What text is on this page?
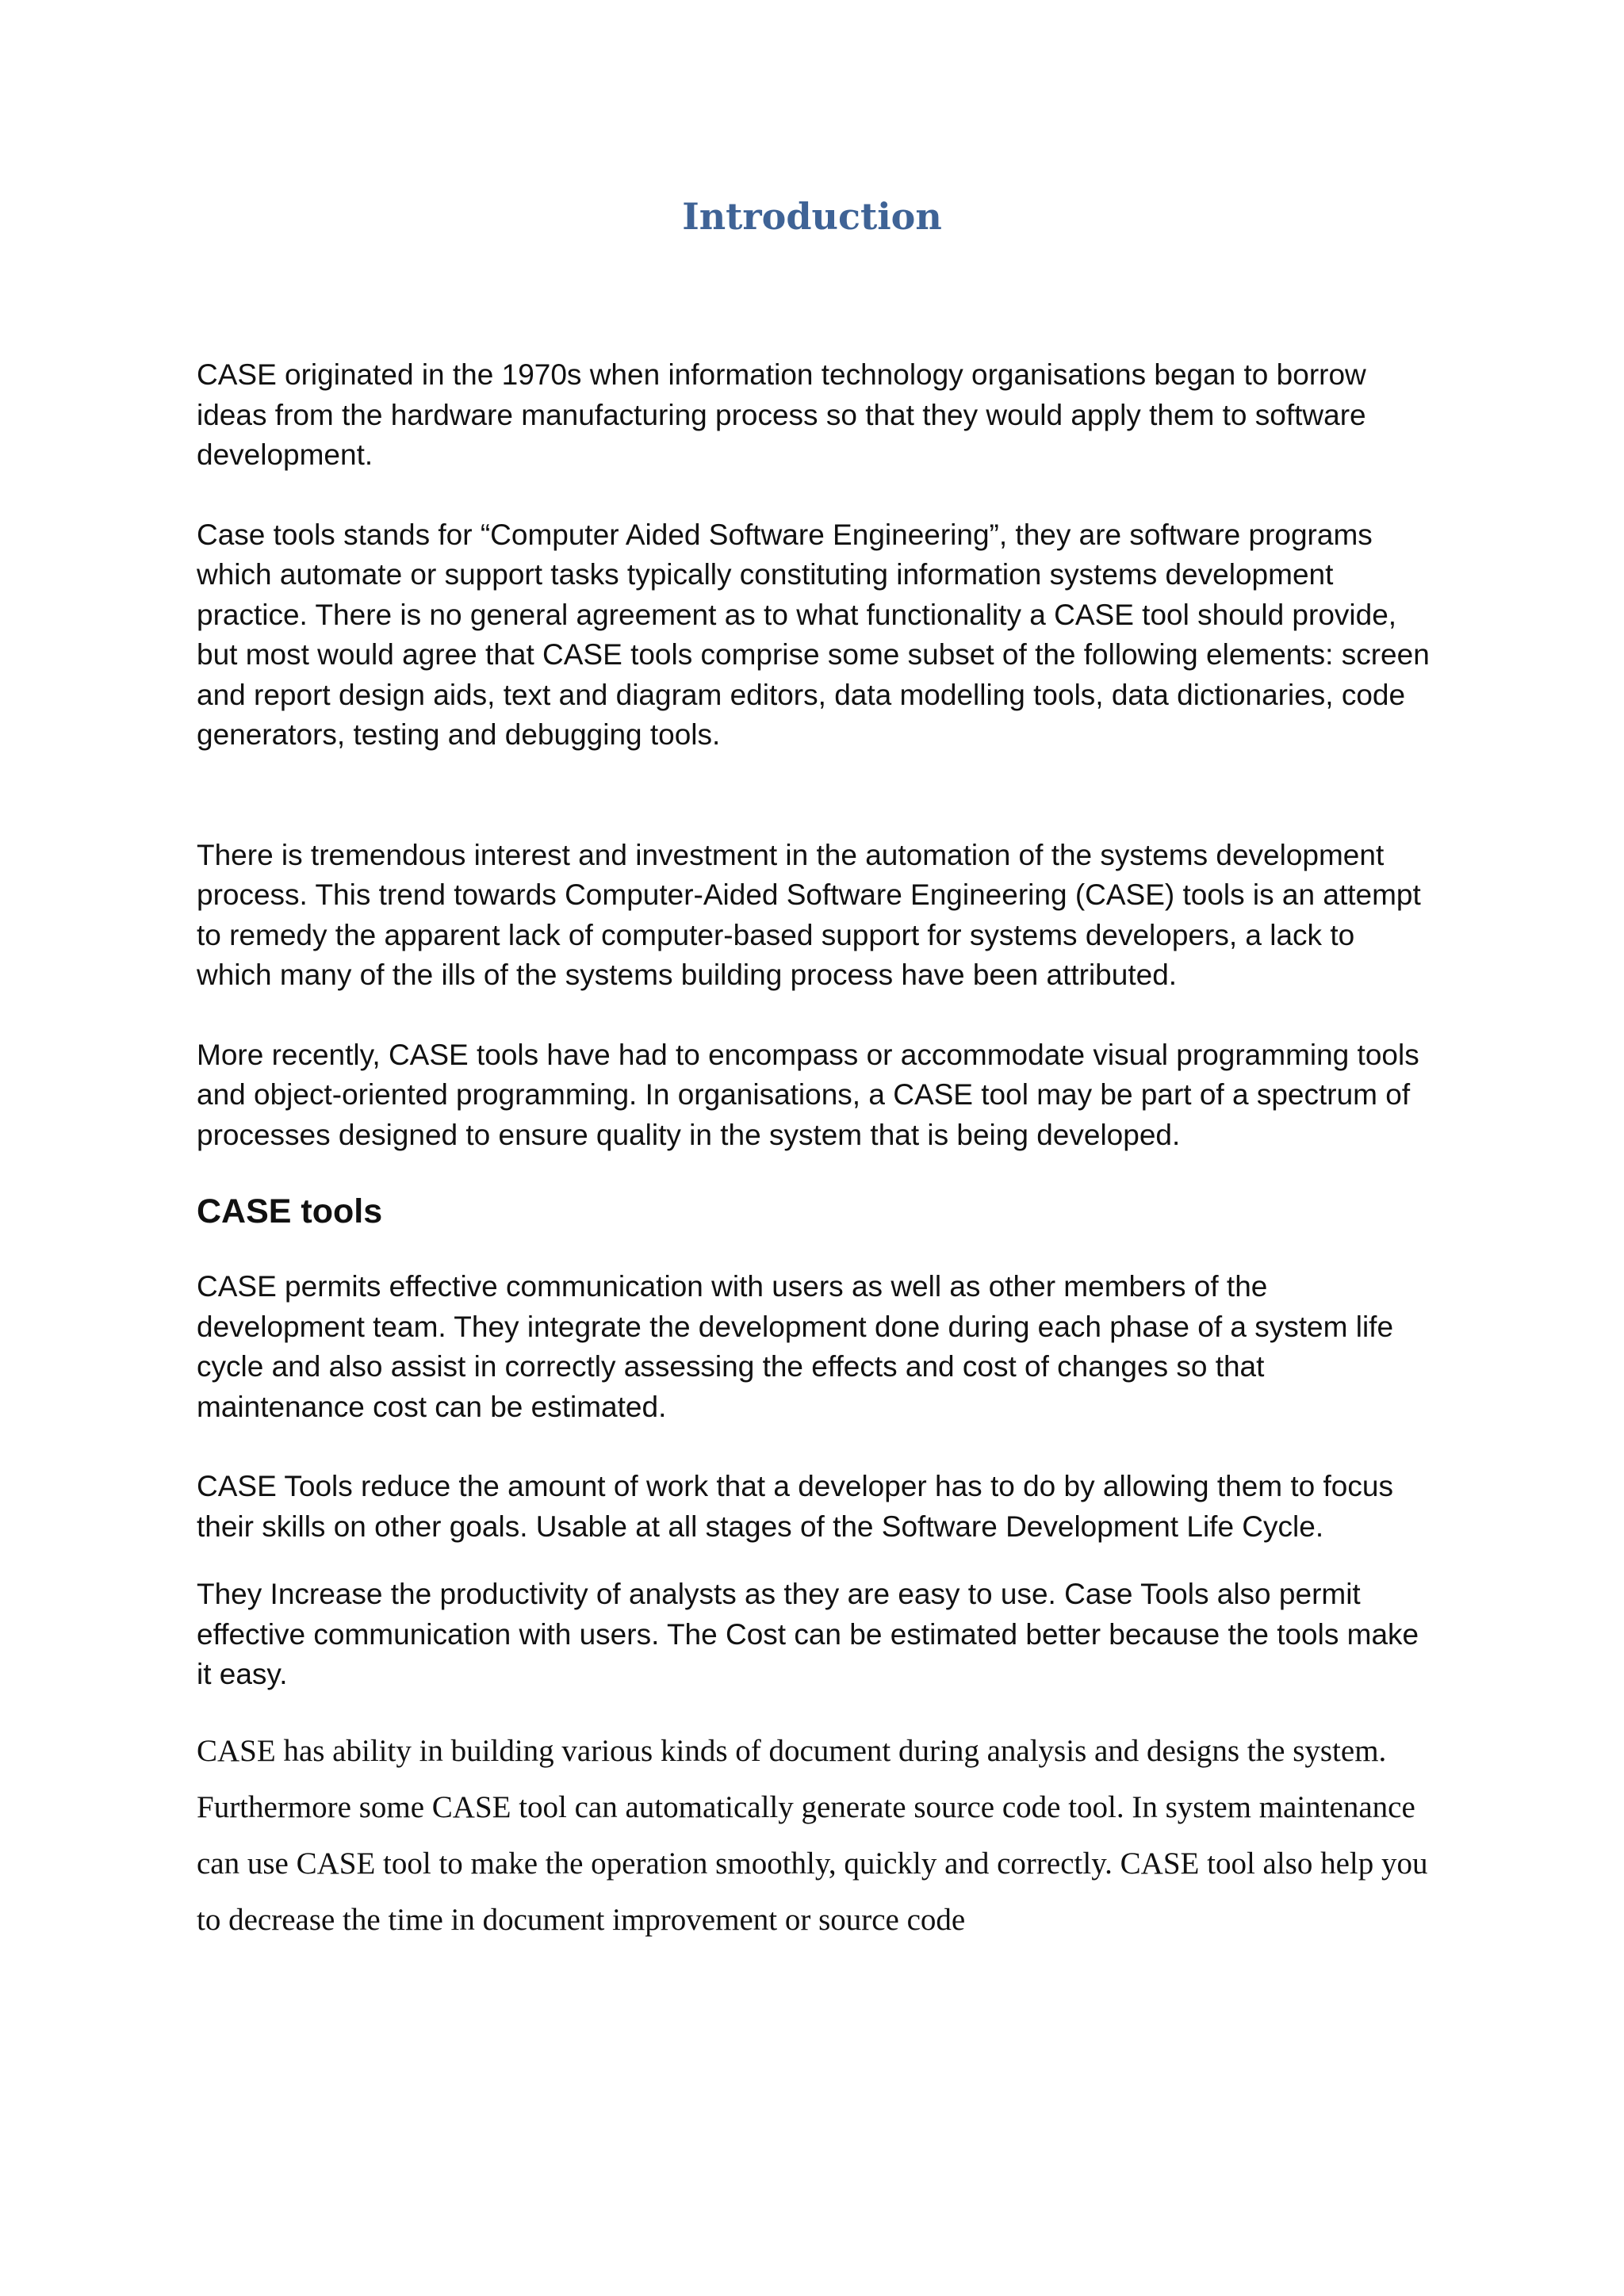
Introduction

CASE originated in the 1970s when information technology organisations began to borrow ideas from the hardware manufacturing process so that they would apply them to software development.

Case tools stands for “Computer Aided Software Engineering”, they are software programs which automate or support tasks typically constituting information systems development practice. There is no general agreement as to what functionality a CASE tool should provide, but most would agree that CASE tools comprise some subset of the following elements: screen and report design aids, text and diagram editors, data modelling tools, data dictionaries, code generators, testing and debugging tools.

There is tremendous interest and investment in the automation of the systems development process. This trend towards Computer-Aided Software Engineering (CASE) tools is an attempt to remedy the apparent lack of computer-based support for systems developers, a lack to which many of the ills of the systems building process have been attributed.

More recently, CASE tools have had to encompass or accommodate visual programming tools and object-oriented programming. In organisations, a CASE tool may be part of a spectrum of processes designed to ensure quality in the system that is being developed.

CASE tools

CASE permits effective communication with users as well as other members of the development team. They integrate the development done during each phase of a system life cycle and also assist in correctly assessing the effects and cost of changes so that maintenance cost can be estimated.

CASE Tools reduce the amount of work that a developer has to do by allowing them to focus their skills on other goals. Usable at all stages of the Software Development Life Cycle.

They Increase the productivity of analysts as they are easy to use. Case Tools also permit effective communication with users. The Cost can be estimated better because the tools make it easy.

CASE has ability in building various kinds of document during analysis and designs the system. Furthermore some CASE tool can automatically generate source code tool. In system maintenance can use CASE tool to make the operation smoothly, quickly and correctly. CASE tool also help you to decrease the time in document improvement or source code
